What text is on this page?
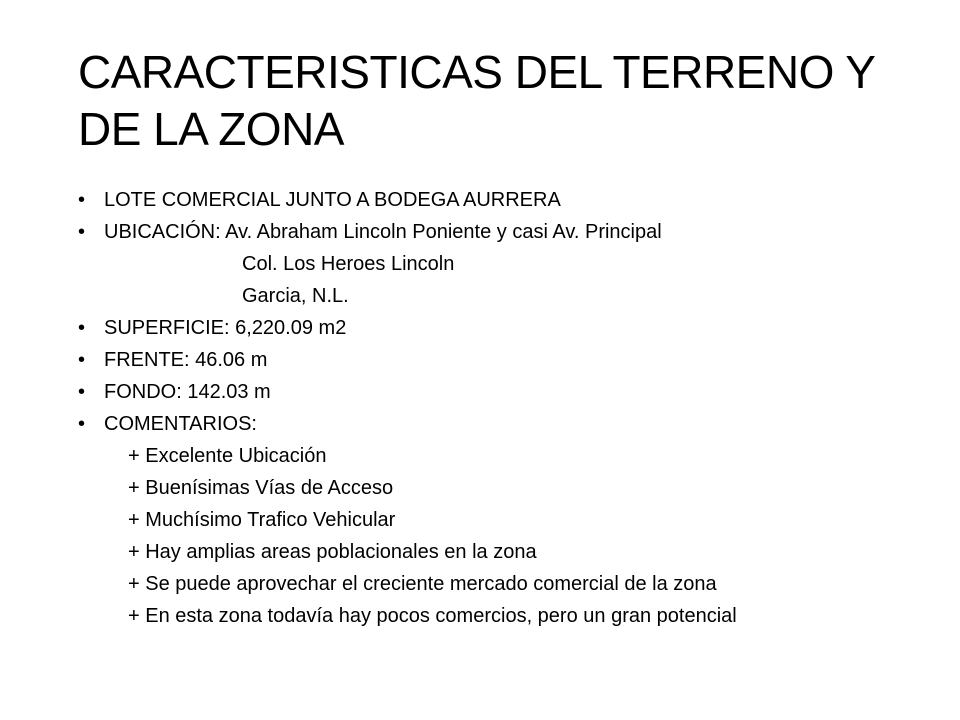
CARACTERISTICAS DEL TERRENO Y DE LA ZONA
• LOTE COMERCIAL JUNTO A BODEGA AURRERA
• UBICACIÓN: Av. Abraham Lincoln Poniente y casi Av. Principal
Col. Los Heroes Lincoln
Garcia, N.L.
• SUPERFICIE: 6,220.09 m2
• FRENTE: 46.06 m
• FONDO: 142.03 m
• COMENTARIOS:
+ Excelente Ubicación
+ Buenísimas Vías de Acceso
+ Muchísimo Trafico Vehicular
+ Hay amplias areas poblacionales en la zona
+ Se puede aprovechar el creciente mercado comercial de la zona
+ En esta zona todavía hay pocos comercios, pero un gran potencial
